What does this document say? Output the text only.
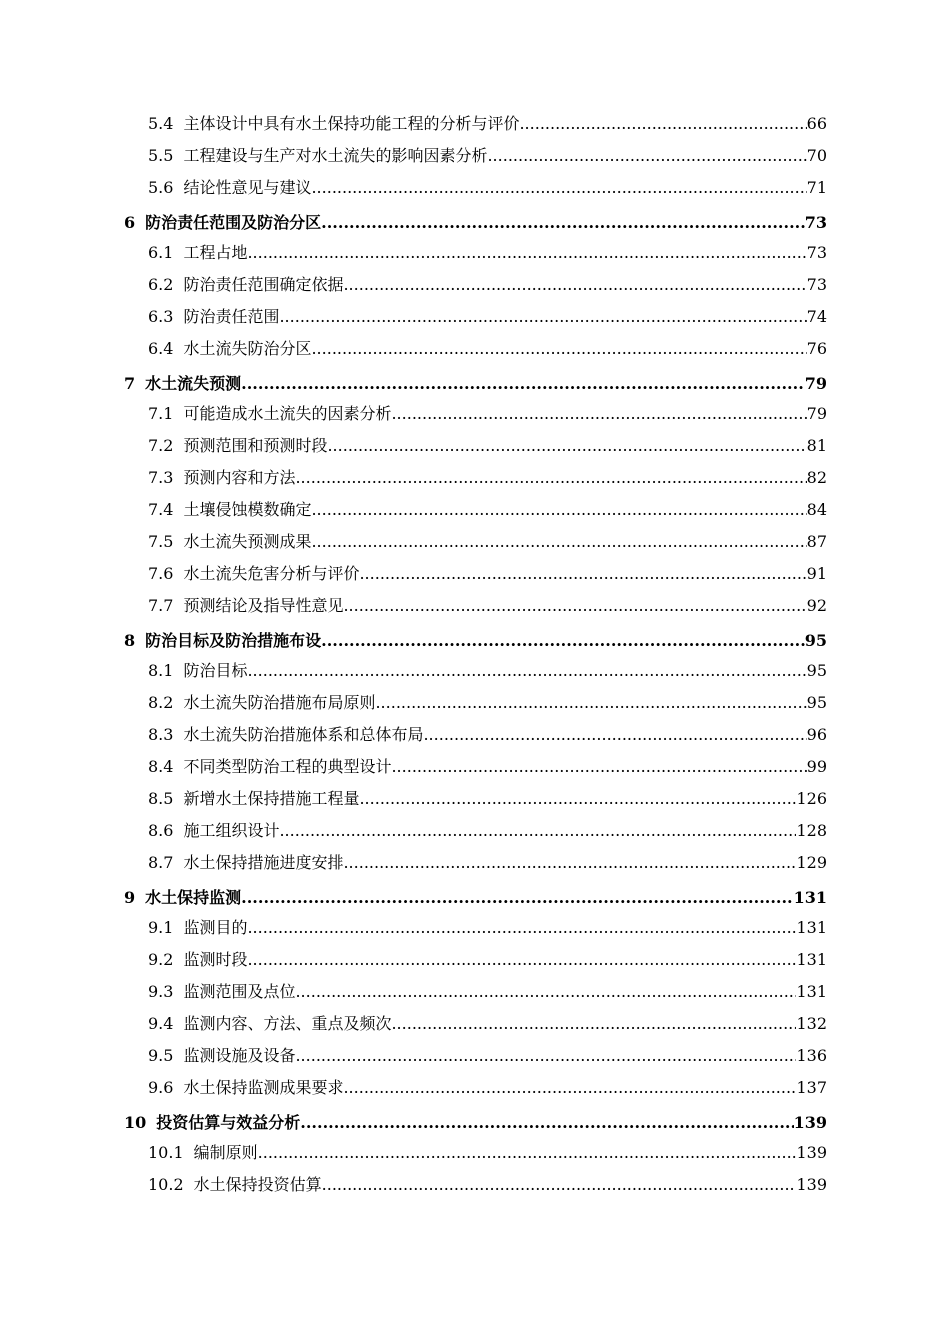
5.4 主体设计中具有水土保持功能工程的分析与评价 .....	66
5.5 工程建设与生产对水土流失的影响因素分析 .....	70
5.6 结论性意见与建议 .....	71
6 防治责任范围及防治分区 .....	73
6.1 工程占地 .....	73
6.2 防治责任范围确定依据 .....	73
6.3 防治责任范围 .....	74
6.4 水土流失防治分区 .....	76
7 水土流失预测 .....	79
7.1 可能造成水土流失的因素分析 .....	79
7.2 预测范围和预测时段 .....	81
7.3 预测内容和方法 .....	82
7.4 土壤侵蚀模数确定 .....	84
7.5 水土流失预测成果 .....	87
7.6 水土流失危害分析与评价 .....	91
7.7 预测结论及指导性意见 .....	92
8 防治目标及防治措施布设 .....	95
8.1 防治目标 .....	95
8.2 水土流失防治措施布局原则 .....	95
8.3 水土流失防治措施体系和总体布局 .....	96
8.4 不同类型防治工程的典型设计 .....	99
8.5 新增水土保持措施工程量 .....	126
8.6 施工组织设计 .....	128
8.7 水土保持措施进度安排 .....	129
9 水土保持监测 .....	131
9.1 监测目的 .....	131
9.2 监测时段 .....	131
9.3 监测范围及点位 .....	131
9.4 监测内容、方法、重点及频次 .....	132
9.5 监测设施及设备 .....	136
9.6 水土保持监测成果要求 .....	137
10 投资估算与效益分析 .....	139
10.1 编制原则 .....	139
10.2 水土保持投资估算 .....	139
